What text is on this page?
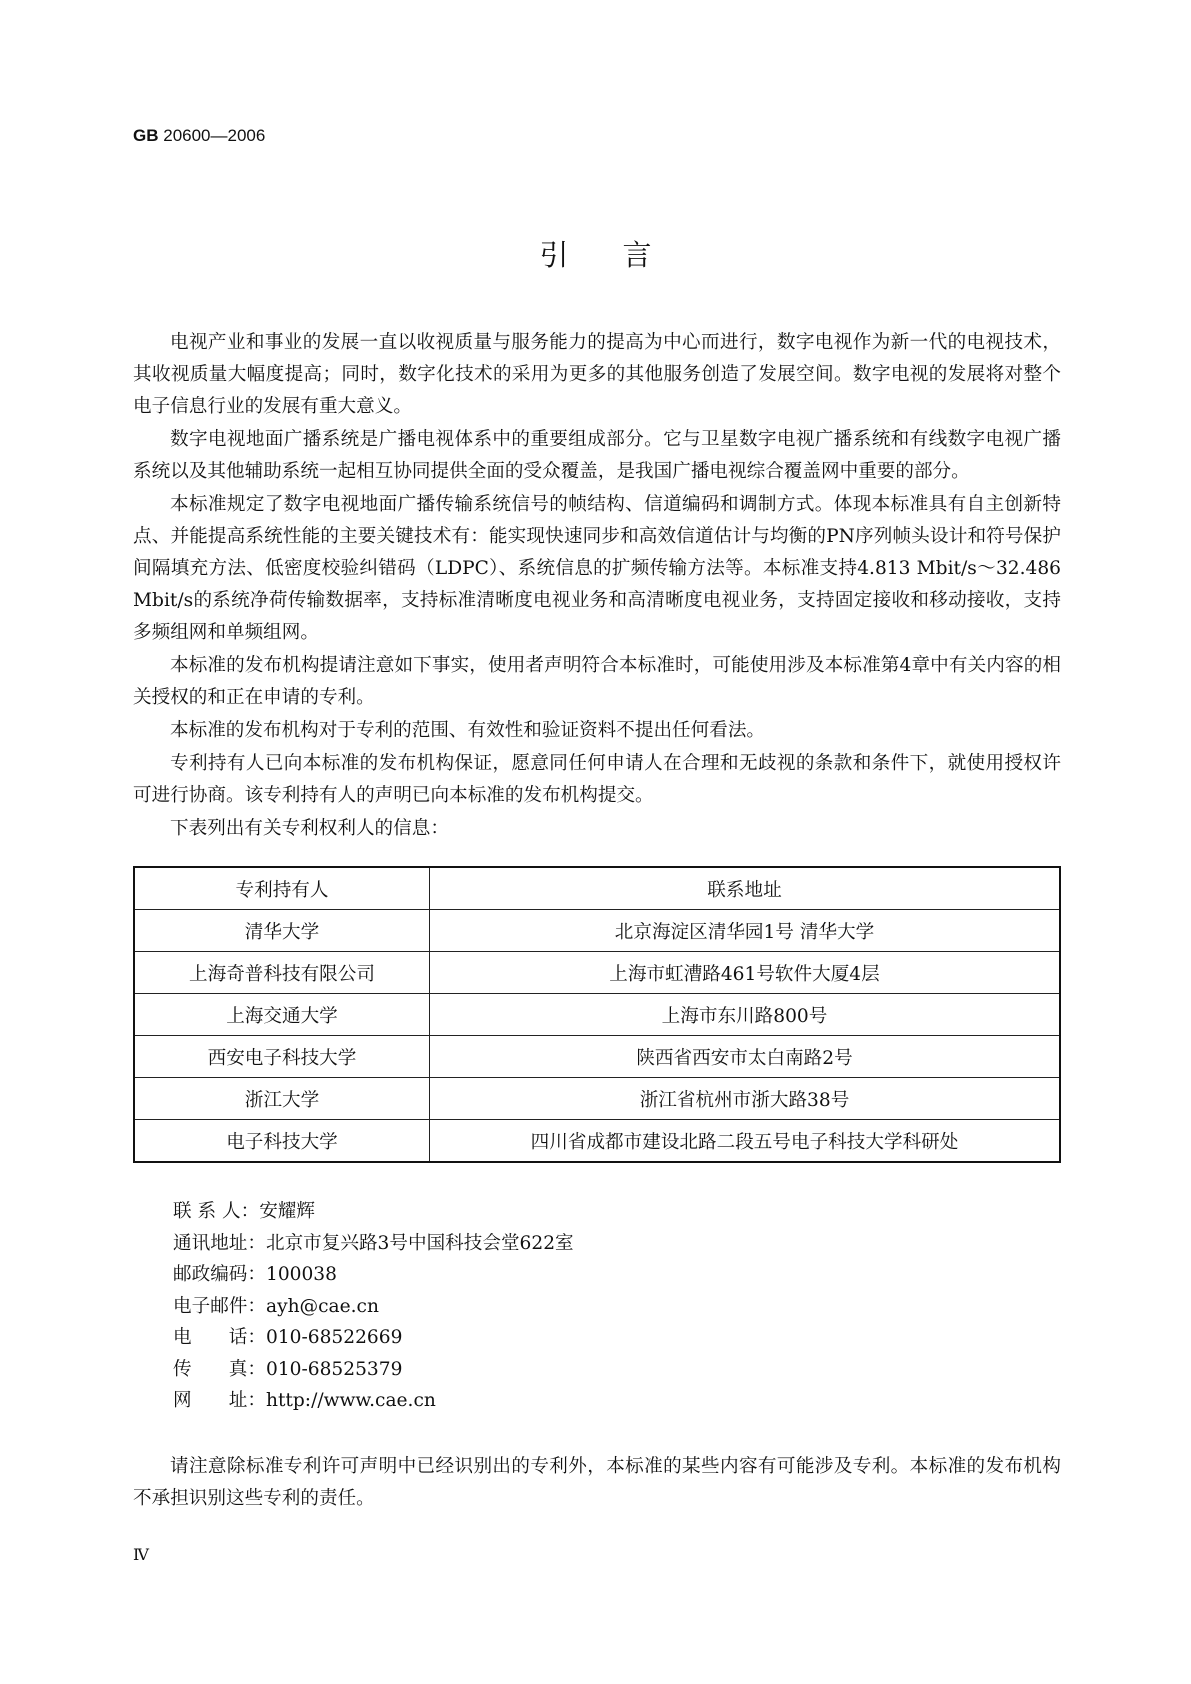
GB 20600—2006
引言

电视产业和事业的发展一直以收视质量与服务能力的提高为中心而进行，数字电视作为新一代的电视技术，其收视质量大幅度提高；同时，数字化技术的采用为更多的其他服务创造了发展空间。数字电视的发展将对整个电子信息行业的发展有重大意义。

数字电视地面广播系统是广播电视体系中的重要组成部分。它与卫星数字电视广播系统和有线数字电视广播系统以及其他辅助系统一起相互协同提供全面的受众覆盖，是我国广播电视综合覆盖网中重要的部分。

本标准规定了数字电视地面广播传输系统信号的帧结构、信道编码和调制方式。体现本标准具有自主创新特点、并能提高系统性能的主要关键技术有：能实现快速同步和高效信道估计与均衡的PN序列帧头设计和符号保护间隔填充方法、低密度校验纠错码（LDPC）、系统信息的扩频传输方法等。本标准支持4.813 Mbit/s～32.486 Mbit/s的系统净荷传输数据率，支持标准清晰度电视业务和高清晰度电视业务，支持固定接收和移动接收，支持多频组网和单频组网。

本标准的发布机构提请注意如下事实，使用者声明符合本标准时，可能使用涉及本标准第4章中有关内容的相关授权的和正在申请的专利。

本标准的发布机构对于专利的范围、有效性和验证资料不提出任何看法。

专利持有人已向本标准的发布机构保证，愿意同任何申请人在合理和无歧视的条款和条件下，就使用授权许可进行协商。该专利持有人的声明已向本标准的发布机构提交。

下表列出有关专利权利人的信息：

专利持有人	联系地址
清华大学	北京海淀区清华园1号 清华大学
上海奇普科技有限公司	上海市虹漕路461号软件大厦4层
上海交通大学	上海市东川路800号
西安电子科技大学	陕西省西安市太白南路2号
浙江大学	浙江省杭州市浙大路38号
电子科技大学	四川省成都市建设北路二段五号电子科技大学科研处
联 系 人：安耀辉
通讯地址：北京市复兴路3号中国科技会堂622室
邮政编码：100038
电子邮件：ayh@cae.cn
电　　话：010-68522669
传　　真：010-68525379
网　　址：http://www.cae.cn

请注意除标准专利许可声明中已经识别出的专利外，本标准的某些内容有可能涉及专利。本标准的发布机构不承担识别这些专利的责任。

Ⅳ
